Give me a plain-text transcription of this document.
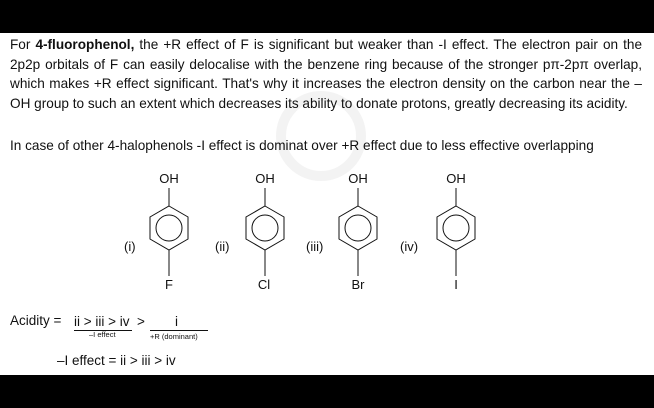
For 4-fluorophenol, the +R effect of F is significant but weaker than -I effect. The electron pair on the 2p2p orbitals of F can easily delocalise with the benzene ring because of the stronger pπ-2pπ overlap, which makes +R effect significant. That's why it increases the electron density on the carbon near the –OH group to such an extent which decreases its ability to donate protons, greatly decreasing its acidity.
In case of other 4-halophenols -I effect is dominat over +R effect due to less effective overlapping
(i)
OH
F
(ii)
OH
Cl
(iii)
OH
Br
(iv)
OH
I
Acidity = ii > iii > iv
–I effect
> i
+R (dominant)
–I effect = ii > iii > iv
